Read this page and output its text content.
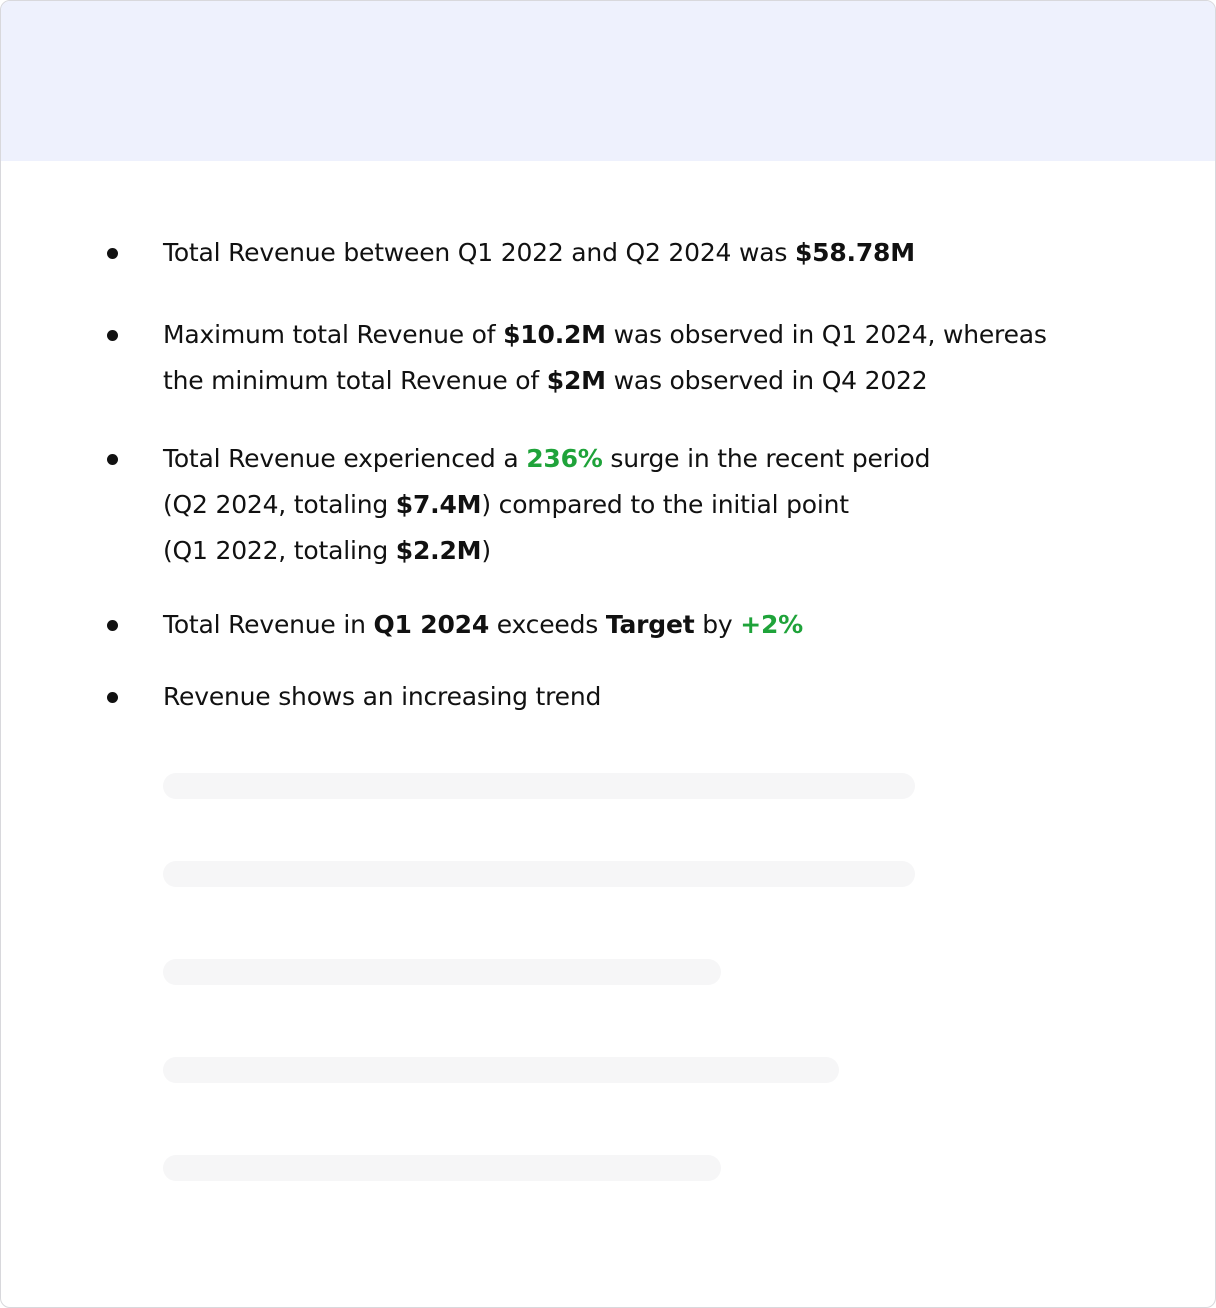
Total Revenue between Q1 2022 and Q2 2024 was $58.78M
Maximum total Revenue of $10.2M was observed in Q1 2024, whereas
the minimum total Revenue of $2M was observed in Q4 2022
Total Revenue experienced a 236% surge in the recent period
(Q2 2024, totaling $7.4M) compared to the initial point
(Q1 2022, totaling $2.2M)
Total Revenue in Q1 2024 exceeds Target by +2%
Revenue shows an increasing trend
